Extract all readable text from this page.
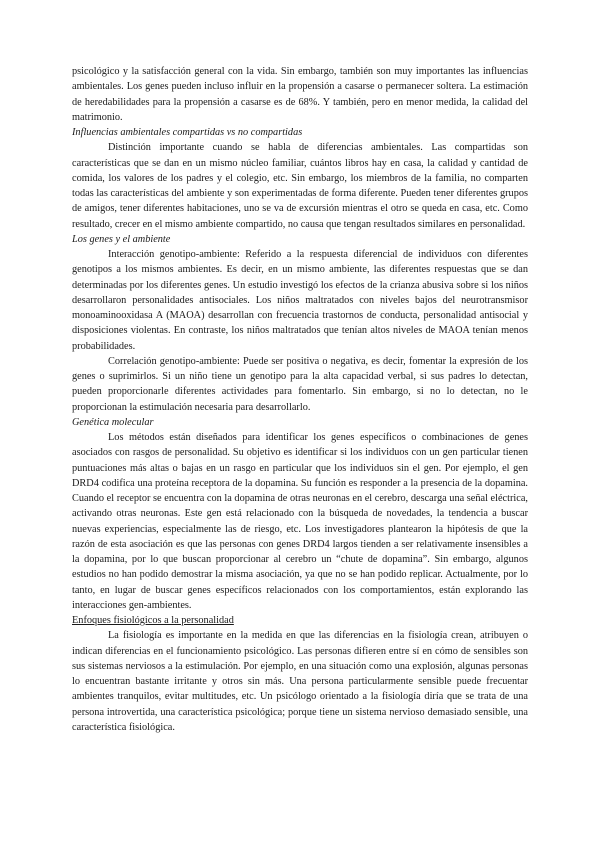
psicológico y la satisfacción general con la vida. Sin embargo, también son muy importantes las influencias ambientales. Los genes pueden incluso influir en la propensión a casarse o permanecer soltera. La estimación de heredabilidades para la propensión a casarse es de 68%. Y también, pero en menor medida, la calidad del matrimonio.

Influencias ambientales compartidas vs no compartidas

Distinción importante cuando se habla de diferencias ambientales. Las compartidas son características que se dan en un mismo núcleo familiar, cuántos libros hay en casa, la calidad y cantidad de comida, los valores de los padres y el colegio, etc. Sin embargo, los miembros de la familia, no comparten todas las características del ambiente y son experimentadas de forma diferente. Pueden tener diferentes grupos de amigos, tener diferentes habitaciones, uno se va de excursión mientras el otro se queda en casa, etc. Como resultado, crecer en el mismo ambiente compartido, no causa que tengan resultados similares en personalidad.

Los genes y el ambiente

Interacción genotipo-ambiente: Referido a la respuesta diferencial de individuos con diferentes genotipos a los mismos ambientes. Es decir, en un mismo ambiente, las diferentes respuestas que se dan determinadas por los diferentes genes. Un estudio investigó los efectos de la crianza abusiva sobre si los niños desarrollaron personalidades antisociales. Los niños maltratados con niveles bajos del neurotransmisor monoaminooxidasa A (MAOA) desarrollan con frecuencia trastornos de conducta, personalidad antisocial y disposiciones violentas. En contraste, los niños maltratados que tenían altos niveles de MAOA tenían menos probabilidades.

Correlación genotipo-ambiente: Puede ser positiva o negativa, es decir, fomentar la expresión de los genes o suprimirlos. Si un niño tiene un genotipo para la alta capacidad verbal, si sus padres lo detectan, pueden proporcionarle diferentes actividades para fomentarlo. Sin embargo, si no lo detectan, no le proporcionan la estimulación necesaria para desarrollarlo.

Genética molecular

Los métodos están diseñados para identificar los genes específicos o combinaciones de genes asociados con rasgos de personalidad. Su objetivo es identificar si los individuos con un gen particular tienen puntuaciones más altas o bajas en un rasgo en particular que los individuos sin el gen. Por ejemplo, el gen DRD4 codifica una proteína receptora de la dopamina. Su función es responder a la presencia de la dopamina. Cuando el receptor se encuentra con la dopamina de otras neuronas en el cerebro, descarga una señal eléctrica, activando otras neuronas. Este gen está relacionado con la búsqueda de novedades, la tendencia a buscar nuevas experiencias, especialmente las de riesgo, etc. Los investigadores plantearon la hipótesis de que la razón de esta asociación es que las personas con genes DRD4 largos tienden a ser relativamente insensibles a la dopamina, por lo que buscan proporcionar al cerebro un “chute de dopamina”. Sin embargo, algunos estudios no han podido demostrar la misma asociación, ya que no se han podido replicar. Actualmente, por lo tanto, en lugar de buscar genes específicos relacionados con los comportamientos, están explorando las interacciones gen-ambientes.

Enfoques fisiológicos a la personalidad

La fisiología es importante en la medida en que las diferencias en la fisiología crean, atribuyen o indican diferencias en el funcionamiento psicológico. Las personas difieren entre sí en cómo de sensibles son sus sistemas nerviosos a la estimulación. Por ejemplo, en una situación como una explosión, algunas personas lo encuentran bastante irritante y otros sin más. Una persona particularmente sensible puede frecuentar ambientes tranquilos, evitar multitudes, etc. Un psicólogo orientado a la fisiología diría que se trata de una persona introvertida, una característica psicológica; porque tiene un sistema nervioso demasiado sensible, una característica fisiológica.
